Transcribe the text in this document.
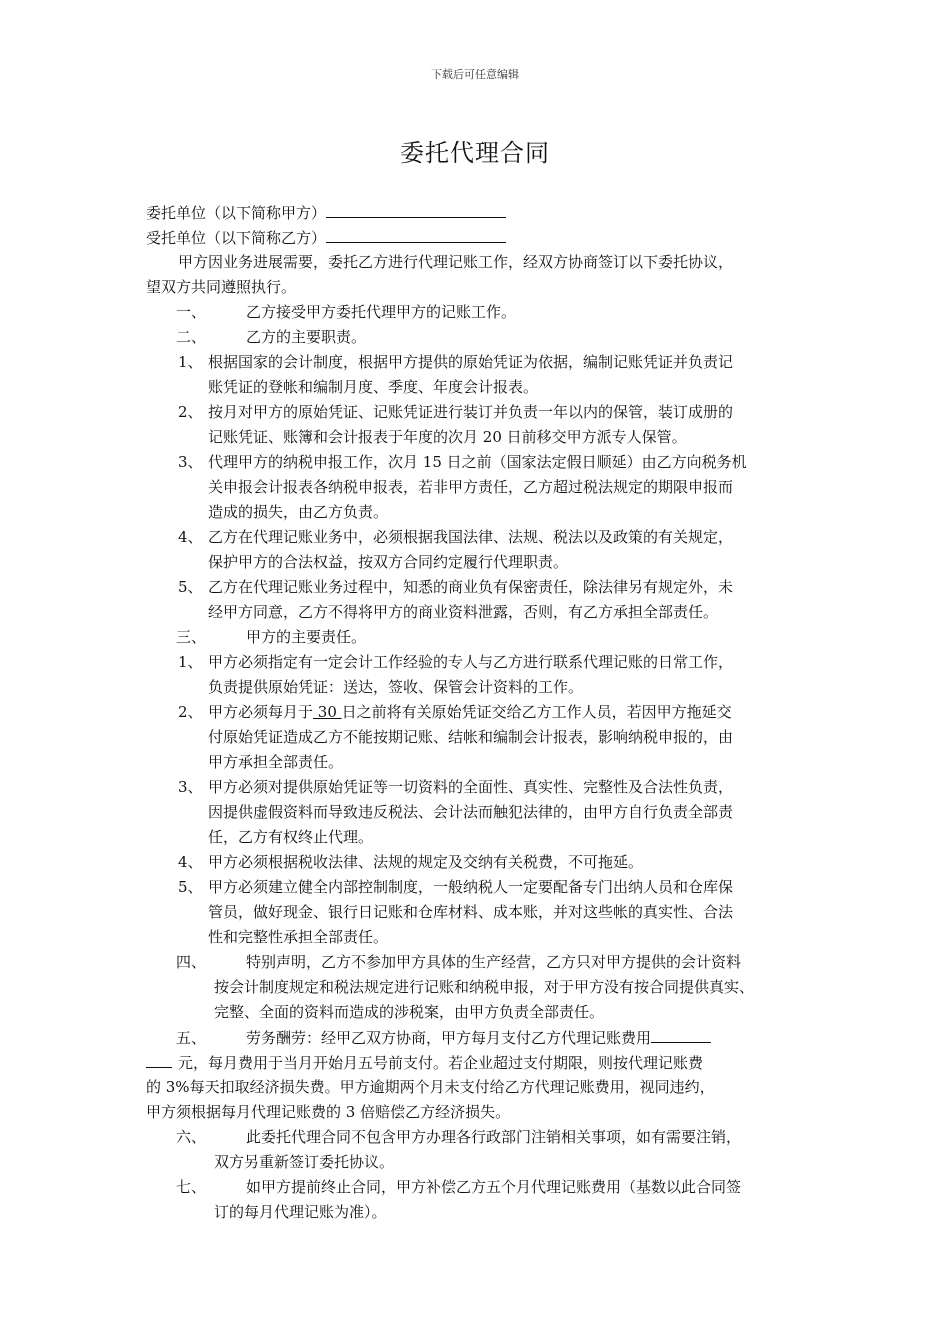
下载后可任意编辑
委托代理合同
委托单位（以下简称甲方）
受托单位（以下简称乙方）
甲方因业务进展需要，委托乙方进行代理记账工作，经双方协商签订以下委托协议，
望双方共同遵照执行。
一、	乙方接受甲方委托代理甲方的记账工作。
二、	乙方的主要职责。
1、 根据国家的会计制度，根据甲方提供的原始凭证为依据，编制记账凭证并负责记
账凭证的登帐和编制月度、季度、年度会计报表。
2、 按月对甲方的原始凭证、记账凭证进行装订并负责一年以内的保管，装订成册的
记账凭证、账簿和会计报表于年度的次月 20 日前移交甲方派专人保管。
3、 代理甲方的纳税申报工作，次月 15 日之前（国家法定假日顺延）由乙方向税务机
关申报会计报表各纳税申报表，若非甲方责任，乙方超过税法规定的期限申报而
造成的损失，由乙方负责。
4、 乙方在代理记账业务中，必须根据我国法律、法规、税法以及政策的有关规定，
保护甲方的合法权益，按双方合同约定履行代理职责。
5、 乙方在代理记账业务过程中，知悉的商业负有保密责任，除法律另有规定外，未
经甲方同意，乙方不得将甲方的商业资料泄露，否则，有乙方承担全部责任。
三、	甲方的主要责任。
1、 甲方必须指定有一定会计工作经验的专人与乙方进行联系代理记账的日常工作，
负责提供原始凭证：送达，签收、保管会计资料的工作。
2、 甲方必须每月于 30 日之前将有关原始凭证交给乙方工作人员，若因甲方拖延交
付原始凭证造成乙方不能按期记账、结帐和编制会计报表，影响纳税申报的，由
甲方承担全部责任。
3、 甲方必须对提供原始凭证等一切资料的全面性、真实性、完整性及合法性负责，
因提供虚假资料而导致违反税法、会计法而触犯法律的，由甲方自行负责全部责
任，乙方有权终止代理。
4、 甲方必须根据税收法律、法规的规定及交纳有关税费，不可拖延。
5、 甲方必须建立健全内部控制制度，一般纳税人一定要配备专门出纳人员和仓库保
管员，做好现金、银行日记账和仓库材料、成本账，并对这些帐的真实性、合法
性和完整性承担全部责任。
四、	特别声明，乙方不参加甲方具体的生产经营，乙方只对甲方提供的会计资料
按会计制度规定和税法规定进行记账和纳税申报，对于甲方没有按合同提供真实、
完整、全面的资料而造成的涉税案，由甲方负责全部责任。
五、	劳务酬劳：经甲乙双方协商，甲方每月支付乙方代理记账费用
元，每月费用于当月开始月五号前支付。若企业超过支付期限，则按代理记账费
的 3%每天扣取经济损失费。甲方逾期两个月未支付给乙方代理记账费用，视同违约，
甲方须根据每月代理记账费的 3 倍赔偿乙方经济损失。
六、	此委托代理合同不包含甲方办理各行政部门注销相关事项，如有需要注销，
双方另重新签订委托协议。
七、	如甲方提前终止合同，甲方补偿乙方五个月代理记账费用（基数以此合同签
订的每月代理记账为准）。
